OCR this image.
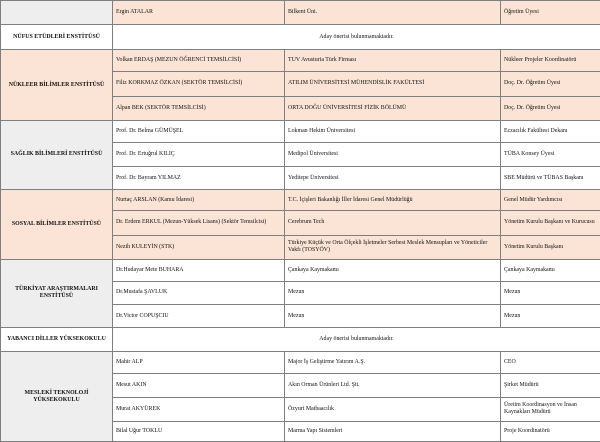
	Ergin ATALAR	Bilkent Üni.	Öğretim Üyesi
NÜFUS ETÜDLERİ ENSTİTÜSÜ	Aday önerisi bulunmamaktadır.		
NÜKLEER BİLİMLER ENSTİTÜSÜ	Volkan ERDAŞ (MEZUN ÖĞRENCİ TEMSİLCİSİ)	TUV Avusturia Türk Firması	Nükleer Projeler Koordinatörü
	Filiz KORKMAZ ÖZKAN (SEKTÖR TEMSİLCİSİ)	ATILIM ÜNİVERSİTESİ MÜHENDİSLİK FAKÜLTESİ	Doç. Dr. Öğretim Üyesi
	Alpan BEK (SEKTÖR TEMSİLCİSİ)	ORTA DOĞU ÜNİVERSİTESİ FİZİK BÖLÜMÜ	Doç. Dr. Öğretim Üyesi
SAĞLIK BİLİMLERİ ENSTİTÜSÜ	Prof. Dr. Belma GÜMÜŞEL	Lokman Hekim Üniversitesi	Eczacılık Fakültesi Dekanı
	Prof. Dr. Ertuğrul KILIÇ	Medipol Üniversitesi	TÜBA Konsey Üyesi
	Prof. Dr. Bayram YILMAZ	Yeditepe Üniversitesi	SBE Müdürü ve TÜBAS Başkanı
SOSYAL BİLİMLER ENSTİTÜSÜ	Nurtaç ARSLAN (Kamu İdaresi)	T.C. İçişleri Bakanlığı İller İdaresi Genel Müdürlüğü	Genel Müdür Yardımcısı
	Dr. Erdem ERKUL (Mezun-Yüksek Lisans) (Sektör Temsilcisi)	Cerebrum Tech	Yönetim Kurulu Başkanı ve Kurucusu
	Nezih KULEYİN (STK)	Türkiye Küçük ve Orta Ölçekli İşletmeler Serbest Meslek Mensupları ve Yöneticiler Vakfı (TOSYÖV)	Yönetim Kurulu Başkanı
TÜRKİYAT ARAŞTIRMALARI ENSTİTÜSÜ	Dr.Hudayar Mete BUHARA	Çankaya Kaymakamı	Çankaya Kaymakamı
	Dr.Mustafa ŞAVLUK	Mezun	Mezun
	Dr.Victor COPUŞCIU	Mezun	Mezun
YABANCI DİLLER YÜKSEKOKULU	Aday önerisi bulunmamaktadır.		
MESLEKİ TEKNOLOJİ YÜKSEKOKULU	Mahir ALP	Major İş Geliştirme Yatırım A.Ş.	CEO
	Mesut AKIN	Akın Orman Ürünleri Ltd. Şti.	Şirket Müdürü
	Murat AKYÜREK	Özyurt Matbaacılık	Üretim Koordinasyon ve İnsan Kaynakları Müdürü
	Bilal Uğur TOKLU	Marma Yapı Sistemleri	Proje Koordinatörü
